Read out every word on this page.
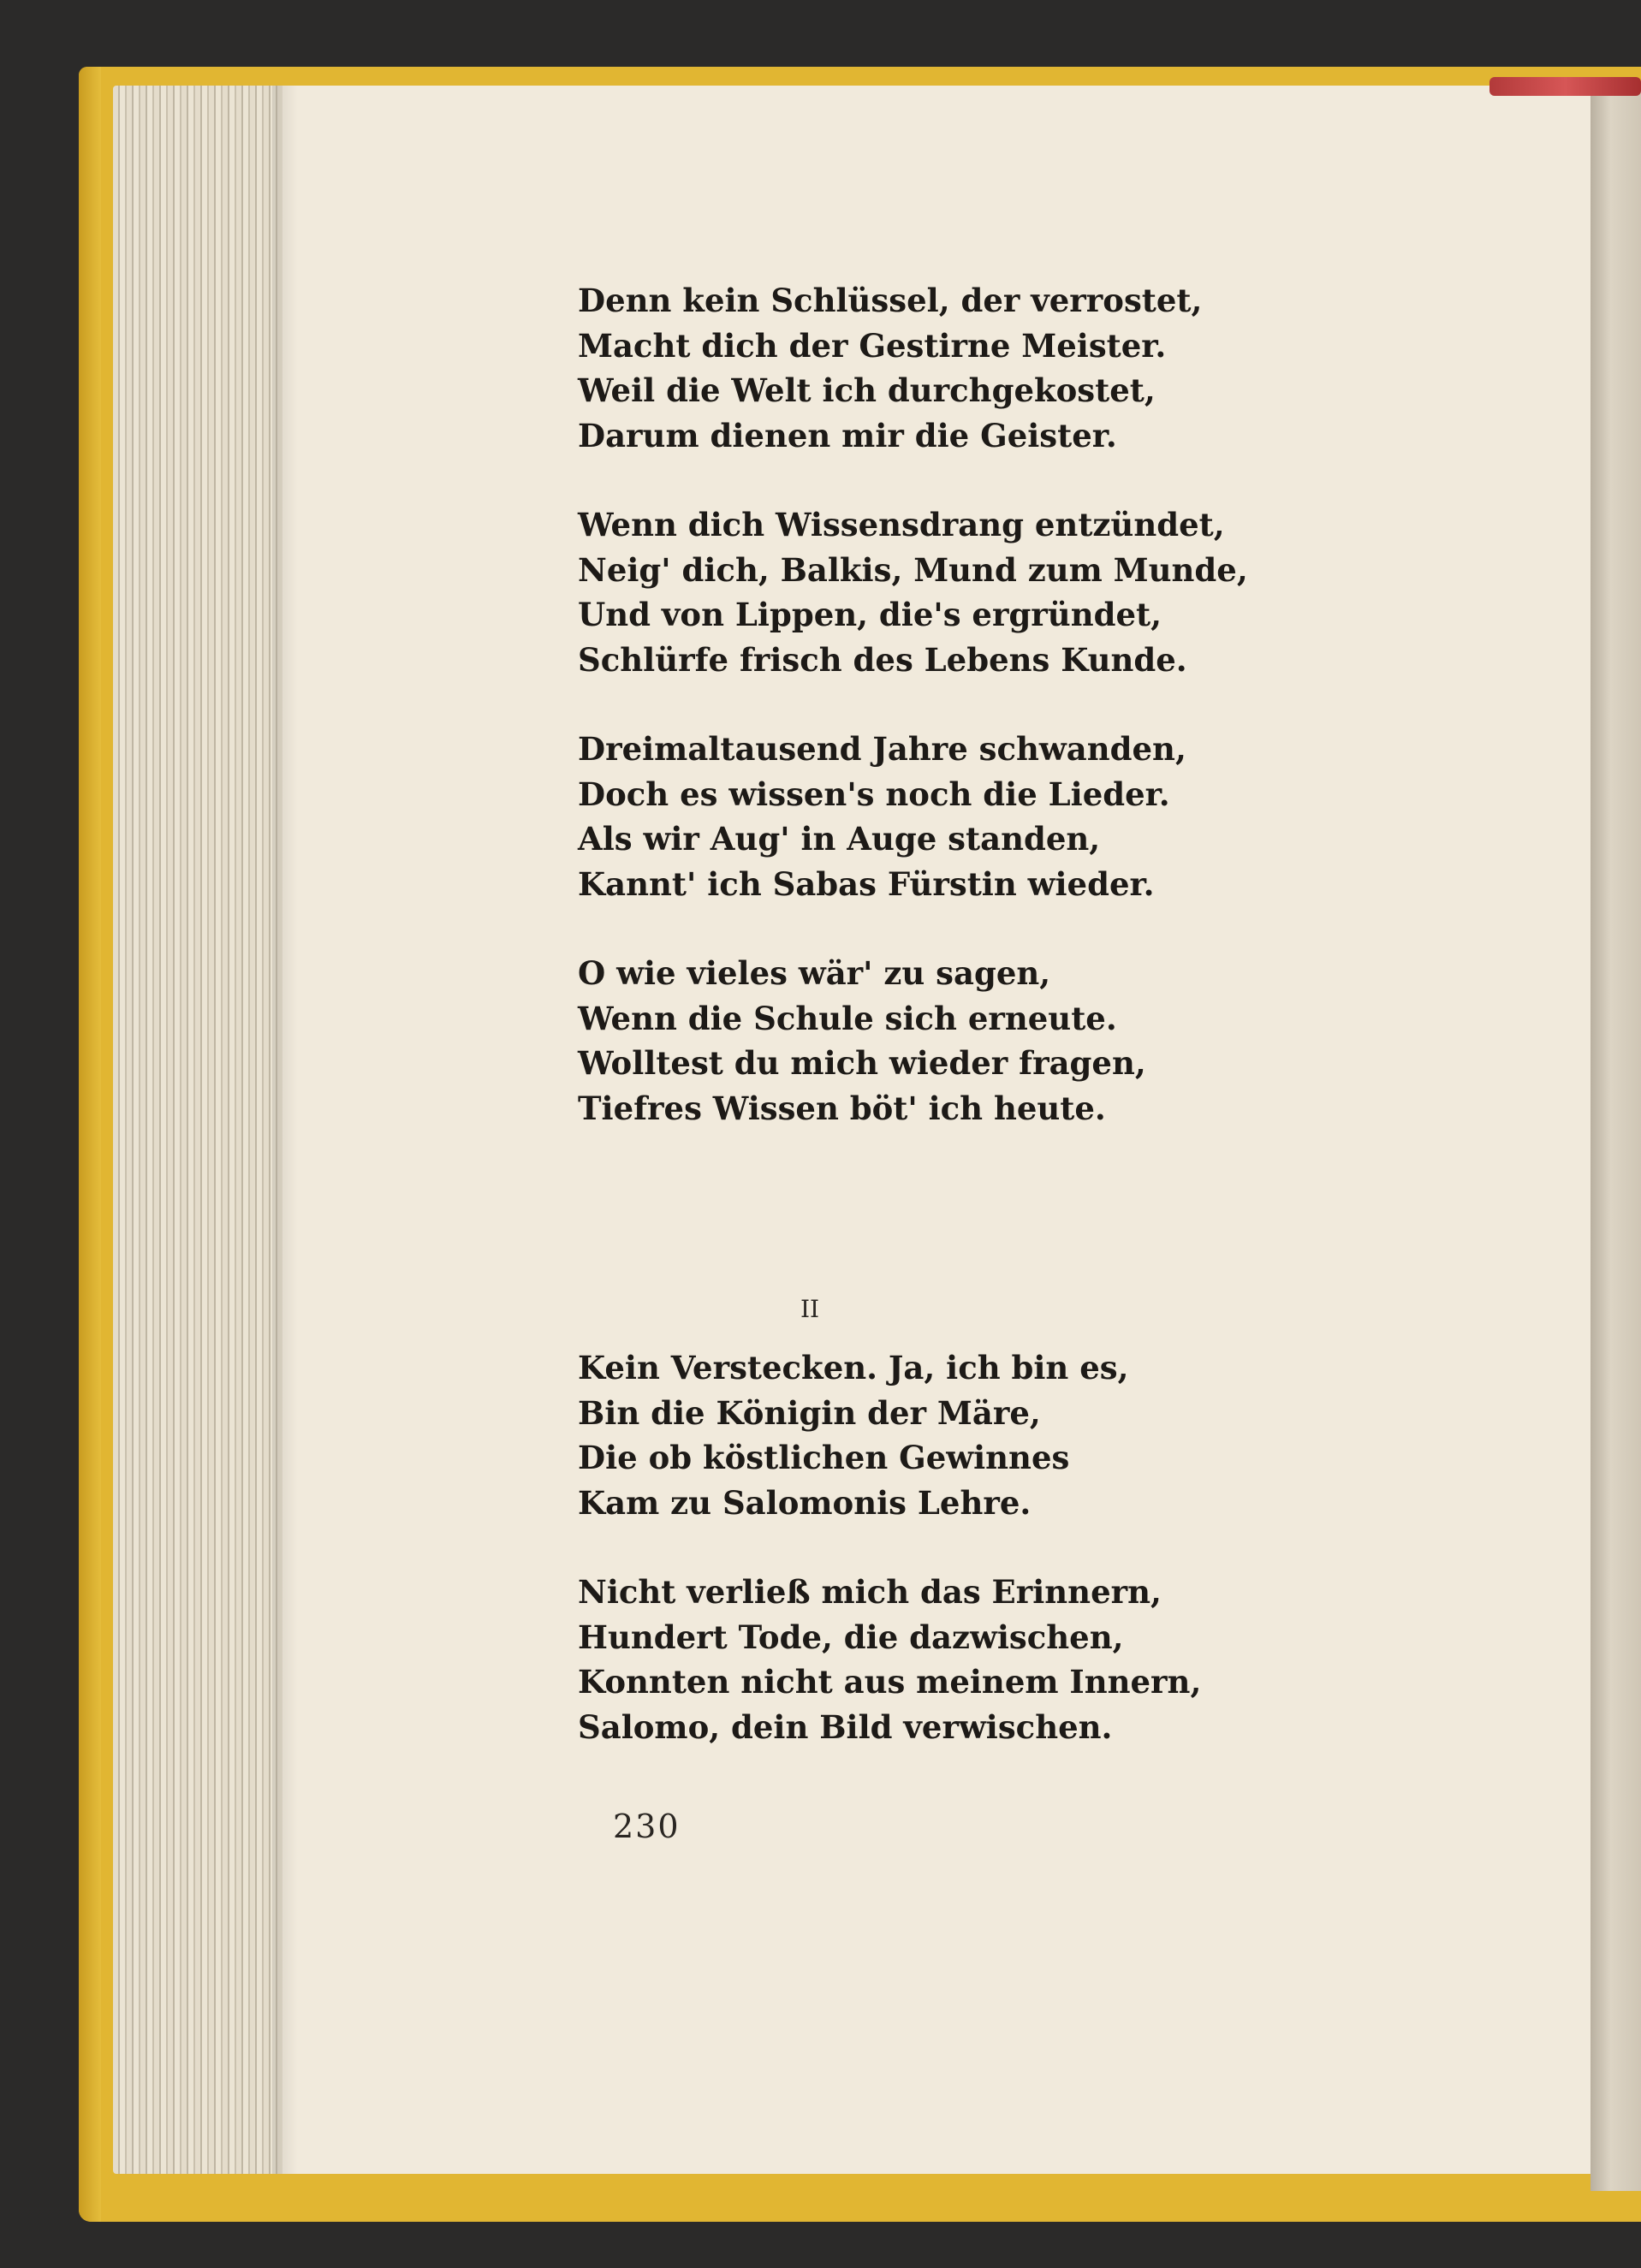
Denn kein Schlüssel, der verrostet,
Macht dich der Gestirne Meister.
Weil die Welt ich durchgekostet,
Darum dienen mir die Geister.

Wenn dich Wissensdrang entzündet,
Neig' dich, Balkis, Mund zum Munde,
Und von Lippen, die's ergründet,
Schlürfe frisch des Lebens Kunde.

Dreimaltausend Jahre schwanden,
Doch es wissen's noch die Lieder.
Als wir Aug' in Auge standen,
Kannt' ich Sabas Fürstin wieder.

O wie vieles wär' zu sagen,
Wenn die Schule sich erneute.
Wolltest du mich wieder fragen,
Tiefres Wissen böt' ich heute.

II

Kein Verstecken. Ja, ich bin es,
Bin die Königin der Märe,
Die ob köstlichen Gewinnes
Kam zu Salomonis Lehre.

Nicht verließ mich das Erinnern,
Hundert Tode, die dazwischen,
Konnten nicht aus meinem Innern,
Salomo, dein Bild verwischen.

230
